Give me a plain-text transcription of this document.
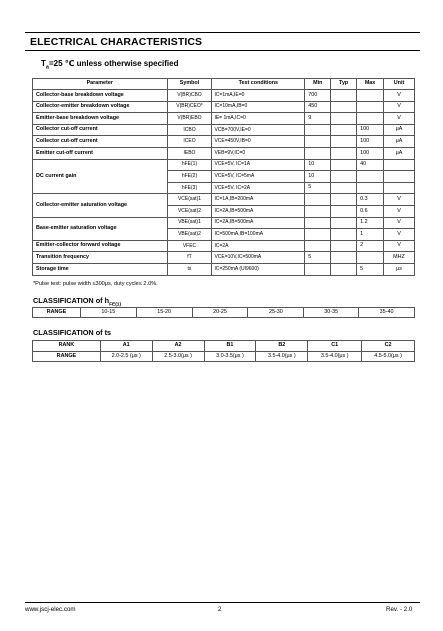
ELECTRICAL CHARACTERISTICS
$T_a=25$ ℃ unless otherwise specified
Parameter	Symbol	Test conditions	Min	Typ	Max	Unit
Collector-base breakdown voltage	V(BR)CBO	IC=1mA,IE=0	700			V
Collector-emitter breakdown voltage	V(BR)CEO*	IC=10mA,IB=0	450			V
Emitter-base breakdown voltage	V(BR)EBO	IE= 1mA,IC=0	9			V
Collector cut-off current	ICBO	VCB=700V,IE=0			100	μA
Collector cut-off current	ICEO	VCE=450V,IB=0			100	μA
Emitter cut-off current	IEBO	VEB=9V,IC=0			100	μA
DC current gain	hFE(1)	VCE=5V, IC=1A	10		40	
	hFE(2)	VCE=5V, IC=5mA	10			
	hFE(3)	VCE=5V, IC=2A	5			
Collector-emitter saturation voltage	VCE(sat)1	IC=1A,IB=200mA			0.3	V
	VCE(sat)2	IC=2A,IB=500mA			0.6	V
Base-emitter saturation voltage	VBE(sat)1	IC=2A,IB=500mA			1.2	V
	VBE(sat)2	IC=500mA,IB=100mA			1	V
Emitter-collector forward voltage	VFEC	IC=2A			2	V
Transition frequency	fT	VCE=10V,IC=500mA	5			MHZ
Storage time	ts	IC=250mA (UI9600)			5	μs
*Pulse test: pulse width ≤300μs, duty cycle≤ 2.0%.
CLASSIFICATION of $h_{FE(1)}$
RANGE	10-15	15-20	20-25	25-30	30-35	35-40
CLASSIFICATION of ts
RANK	A1	A2	B1	B2	C1	C2
RANGE	2.0-2.5 (μs )	2.5-3.0(μs )	3.0-3.5(μs )	3.5-4.0(μs )	3.5-4.0(μs )	4.5-5.0(μs )
www.jscj-elec.com	2	Rev. - 2.0
